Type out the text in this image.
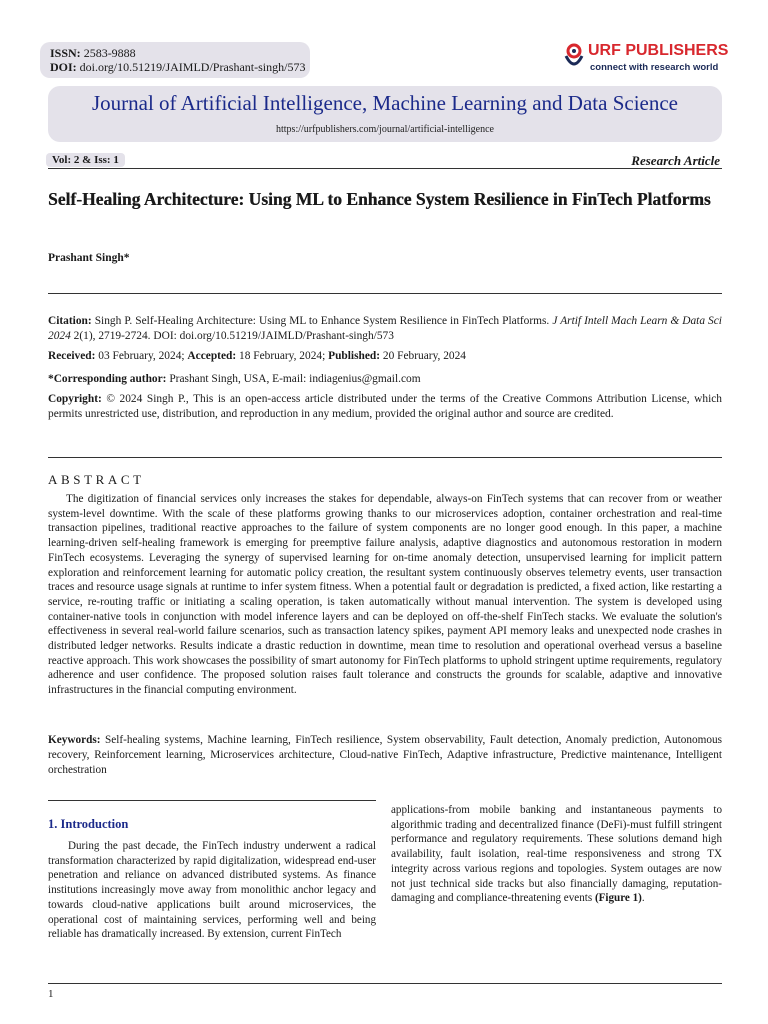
ISSN: 2583-9888
DOI: doi.org/10.51219/JAIMLD/Prashant-singh/573
URF PUBLISHERS
connect with research world
Journal of Artificial Intelligence, Machine Learning and Data Science
https://urfpublishers.com/journal/artificial-intelligence
Vol: 2 & Iss: 1	Research Article
Self-Healing Architecture: Using ML to Enhance System Resilience in FinTech Platforms
Prashant Singh*
Citation: Singh P. Self-Healing Architecture: Using ML to Enhance System Resilience in FinTech Platforms. J Artif Intell Mach Learn & Data Sci 2024 2(1), 2719-2724. DOI: doi.org/10.51219/JAIMLD/Prashant-singh/573
Received: 03 February, 2024; Accepted: 18 February, 2024; Published: 20 February, 2024
*Corresponding author: Prashant Singh, USA, E-mail: indiagenius@gmail.com
Copyright: © 2024 Singh P., This is an open-access article distributed under the terms of the Creative Commons Attribution License, which permits unrestricted use, distribution, and reproduction in any medium, provided the original author and source are credited.
ABSTRACT
The digitization of financial services only increases the stakes for dependable, always-on FinTech systems that can recover from or weather system-level downtime. With the scale of these platforms growing thanks to our microservices adoption, container orchestration and real-time transaction pipelines, traditional reactive approaches to the failure of system components are no longer good enough. In this paper, a machine learning-driven self-healing framework is emerging for preemptive failure analysis, adaptive diagnostics and autonomous restoration in modern FinTech ecosystems. Leveraging the synergy of supervised learning for on-time anomaly detection, unsupervised learning for implicit pattern exploration and reinforcement learning for automatic policy creation, the resultant system continuously observes telemetry events, user transaction traces and resource usage signals at runtime to infer system fitness. When a potential fault or degradation is predicted, a fixed action, like restarting a service, re-routing traffic or initiating a scaling operation, is taken automatically without manual intervention. The system is developed using container-native tools in conjunction with model inference layers and can be deployed on off-the-shelf FinTech stacks. We evaluate the solution's effectiveness in several real-world failure scenarios, such as transaction latency spikes, payment API memory leaks and unexpected node crashes in distributed ledger networks. Results indicate a drastic reduction in downtime, mean time to resolution and operational overhead versus a baseline reactive approach. This work showcases the possibility of smart autonomy for FinTech platforms to uphold stringent uptime requirements, regulatory adherence and user confidence. The proposed solution raises fault tolerance and constructs the grounds for scalable, adaptive and innovative infrastructures in the financial computing environment.
Keywords: Self-healing systems, Machine learning, FinTech resilience, System observability, Fault detection, Anomaly prediction, Autonomous recovery, Reinforcement learning, Microservices architecture, Cloud-native FinTech, Adaptive infrastructure, Predictive maintenance, Intelligent orchestration
1. Introduction
During the past decade, the FinTech industry underwent a radical transformation characterized by rapid digitalization, widespread end-user penetration and reliance on advanced distributed systems. As finance institutions increasingly move away from monolithic anchor legacy and towards cloud-native applications built around microservices, the operational cost of maintaining services, performing well and being reliable has dramatically increased. By extension, current FinTech
applications-from mobile banking and instantaneous payments to algorithmic trading and decentralized finance (DeFi)-must fulfill stringent performance and regulatory requirements. These solutions demand high availability, fault isolation, real-time responsiveness and strong TX integrity across various regions and topologies. System outages are now not just technical side tracks but also financially damaging, reputation-damaging and compliance-threatening events (Figure 1).
1
